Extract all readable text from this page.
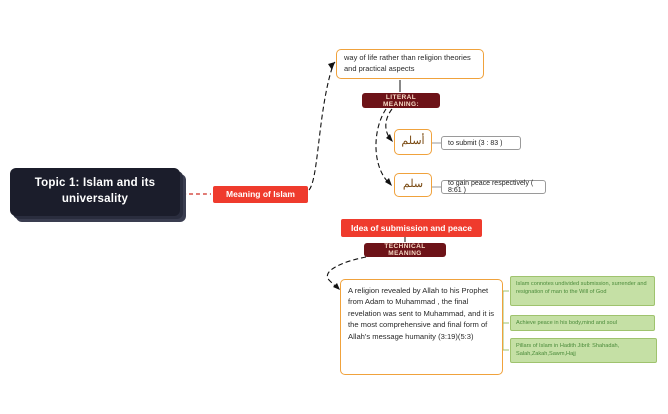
Topic 1: Islam and its universality	Meaning of Islam
way of life rather than religion theories and practical aspects
LITERAL MEANING:
أسلم	to submit (3 : 83 )
سلم	to gain peace respectively ( 8:61 )
Idea of submission and peace
TECHNICAL MEANING
A religion revealed by Allah to his Prophet from Adam to Muhammad , the final revelation was sent to Muhammad, and it is the most comprehensive and final form of Allah's message humanity (3:19)(5:3)
Islam connotes undivided submission, surrender and resignation of man to the Will of God
Achieve peace in his body,mind and soul
Pillars of Islam in Hadith Jibril: Shahadah, Salah,Zakah,Sawm,Hajj
